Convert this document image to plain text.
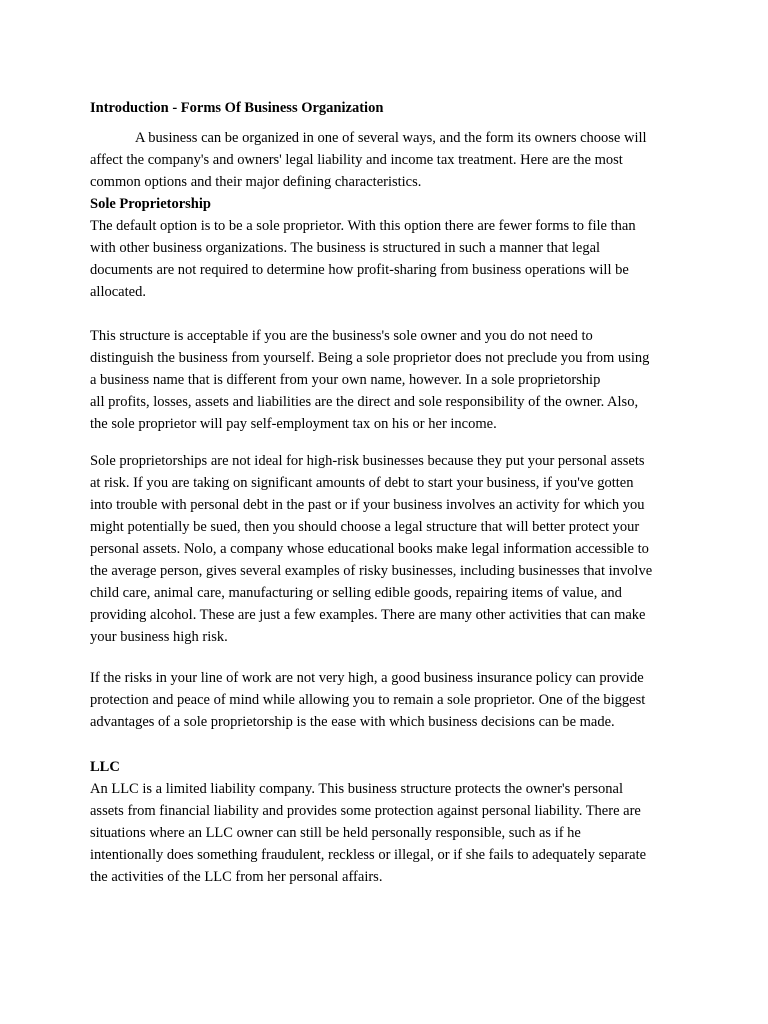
Introduction - Forms Of Business Organization
A business can be organized in one of several ways, and the form its owners choose will
affect the company's and owners' legal liability and income tax treatment. Here are the most
common options and their major defining characteristics.
Sole Proprietorship
The default option is to be a sole proprietor. With this option there are fewer forms to file than
with other business organizations. The business is structured in such a manner that legal
documents are not required to determine how profit-sharing from business operations will be
allocated.
This structure is acceptable if you are the business's sole owner and you do not need to
distinguish the business from yourself. Being a sole proprietor does not preclude you from using
a business name that is different from your own name, however. In a sole proprietorship
all profits, losses, assets and liabilities are the direct and sole responsibility of the owner. Also,
the sole proprietor will pay self-employment tax on his or her income.
Sole proprietorships are not ideal for high-risk businesses because they put your personal assets
at risk. If you are taking on significant amounts of debt to start your business, if you've gotten
into trouble with personal debt in the past or if your business involves an activity for which you
might potentially be sued, then you should choose a legal structure that will better protect your
personal assets. Nolo, a company whose educational books make legal information accessible to
the average person, gives several examples of risky businesses, including businesses that involve
child care, animal care, manufacturing or selling edible goods, repairing items of value, and
providing alcohol. These are just a few examples. There are many other activities that can make
your business high risk.
If the risks in your line of work are not very high, a good business insurance policy can provide
protection and peace of mind while allowing you to remain a sole proprietor. One of the biggest
advantages of a sole proprietorship is the ease with which business decisions can be made.
LLC
An LLC is a limited liability company. This business structure protects the owner's personal
assets from financial liability and provides some protection against personal liability. There are
situations where an LLC owner can still be held personally responsible, such as if he
intentionally does something fraudulent, reckless or illegal, or if she fails to adequately separate
the activities of the LLC from her personal affairs.
